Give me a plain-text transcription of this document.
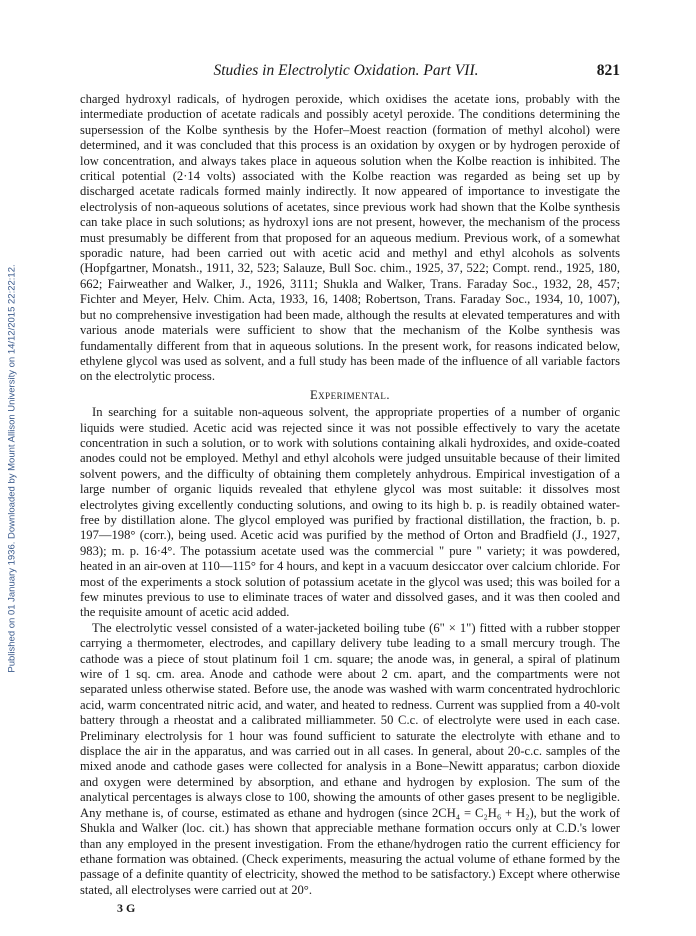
Published on 01 January 1936. Downloaded by Mount Allison University on 14/12/2015 22:22:12.
Studies in Electrolytic Oxidation. Part VII.	821

charged hydroxyl radicals, of hydrogen peroxide, which oxidises the acetate ions, probably with the intermediate production of acetate radicals and possibly acetyl peroxide. The conditions determining the supersession of the Kolbe synthesis by the Hofer–Moest reaction (formation of methyl alcohol) were determined, and it was concluded that this process is an oxidation by oxygen or by hydrogen peroxide of low concentration, and always takes place in aqueous solution when the Kolbe reaction is inhibited. The critical potential (2·14 volts) associated with the Kolbe reaction was regarded as being set up by discharged acetate radicals formed mainly indirectly. It now appeared of importance to investigate the electrolysis of non-aqueous solutions of acetates, since previous work had shown that the Kolbe synthesis can take place in such solutions; as hydroxyl ions are not present, however, the mechanism of the process must presumably be different from that proposed for an aqueous medium. Previous work, of a somewhat sporadic nature, had been carried out with acetic acid and methyl and ethyl alcohols as solvents (Hopfgartner, Monatsh., 1911, 32, 523; Salauze, Bull Soc. chim., 1925, 37, 522; Compt. rend., 1925, 180, 662; Fairweather and Walker, J., 1926, 3111; Shukla and Walker, Trans. Faraday Soc., 1932, 28, 457; Fichter and Meyer, Helv. Chim. Acta, 1933, 16, 1408; Robertson, Trans. Faraday Soc., 1934, 10, 1007), but no comprehensive investigation had been made, although the results at elevated temperatures and with various anode materials were sufficient to show that the mechanism of the Kolbe synthesis was fundamentally different from that in aqueous solutions. In the present work, for reasons indicated below, ethylene glycol was used as solvent, and a full study has been made of the influence of all variable factors on the electrolytic process.

Experimental.

In searching for a suitable non-aqueous solvent, the appropriate properties of a number of organic liquids were studied. Acetic acid was rejected since it was not possible effectively to vary the acetate concentration in such a solution, or to work with solutions containing alkali hydroxides, and oxide-coated anodes could not be employed. Methyl and ethyl alcohols were judged unsuitable because of their limited solvent powers, and the difficulty of obtaining them completely anhydrous. Empirical investigation of a large number of organic liquids revealed that ethylene glycol was most suitable: it dissolves most electrolytes giving excellently conducting solutions, and owing to its high b. p. is readily obtained water-free by distillation alone. The glycol employed was purified by fractional distillation, the fraction, b. p. 197—198° (corr.), being used. Acetic acid was purified by the method of Orton and Bradfield (J., 1927, 983); m. p. 16·4°. The potassium acetate used was the commercial " pure " variety; it was powdered, heated in an air-oven at 110—115° for 4 hours, and kept in a vacuum desiccator over calcium chloride. For most of the experiments a stock solution of potassium acetate in the glycol was used; this was boiled for a few minutes previous to use to eliminate traces of water and dissolved gases, and it was then cooled and the requisite amount of acetic acid added.

The electrolytic vessel consisted of a water-jacketed boiling tube (6" × 1") fitted with a rubber stopper carrying a thermometer, electrodes, and capillary delivery tube leading to a small mercury trough. The cathode was a piece of stout platinum foil 1 cm. square; the anode was, in general, a spiral of platinum wire of 1 sq. cm. area. Anode and cathode were about 2 cm. apart, and the compartments were not separated unless otherwise stated. Before use, the anode was washed with warm concentrated hydrochloric acid, warm concentrated nitric acid, and water, and heated to redness. Current was supplied from a 40-volt battery through a rheostat and a calibrated milliammeter. 50 C.c. of electrolyte were used in each case. Preliminary electrolysis for 1 hour was found sufficient to saturate the electrolyte with ethane and to displace the air in the apparatus, and was carried out in all cases. In general, about 20-c.c. samples of the mixed anode and cathode gases were collected for analysis in a Bone–Newitt apparatus; carbon dioxide and oxygen were determined by absorption, and ethane and hydrogen by explosion. The sum of the analytical percentages is always close to 100, showing the amounts of other gases present to be negligible. Any methane is, of course, estimated as ethane and hydrogen (since 2CH₄ = C₂H₆ + H₂), but the work of Shukla and Walker (loc. cit.) has shown that appreciable methane formation occurs only at C.D.'s lower than any employed in the present investigation. From the ethane/hydrogen ratio the current efficiency for ethane formation was obtained. (Check experiments, measuring the actual volume of ethane formed by the passage of a definite quantity of electricity, showed the method to be satisfactory.) Except where otherwise stated, all electrolyses were carried out at 20°.

3 G
